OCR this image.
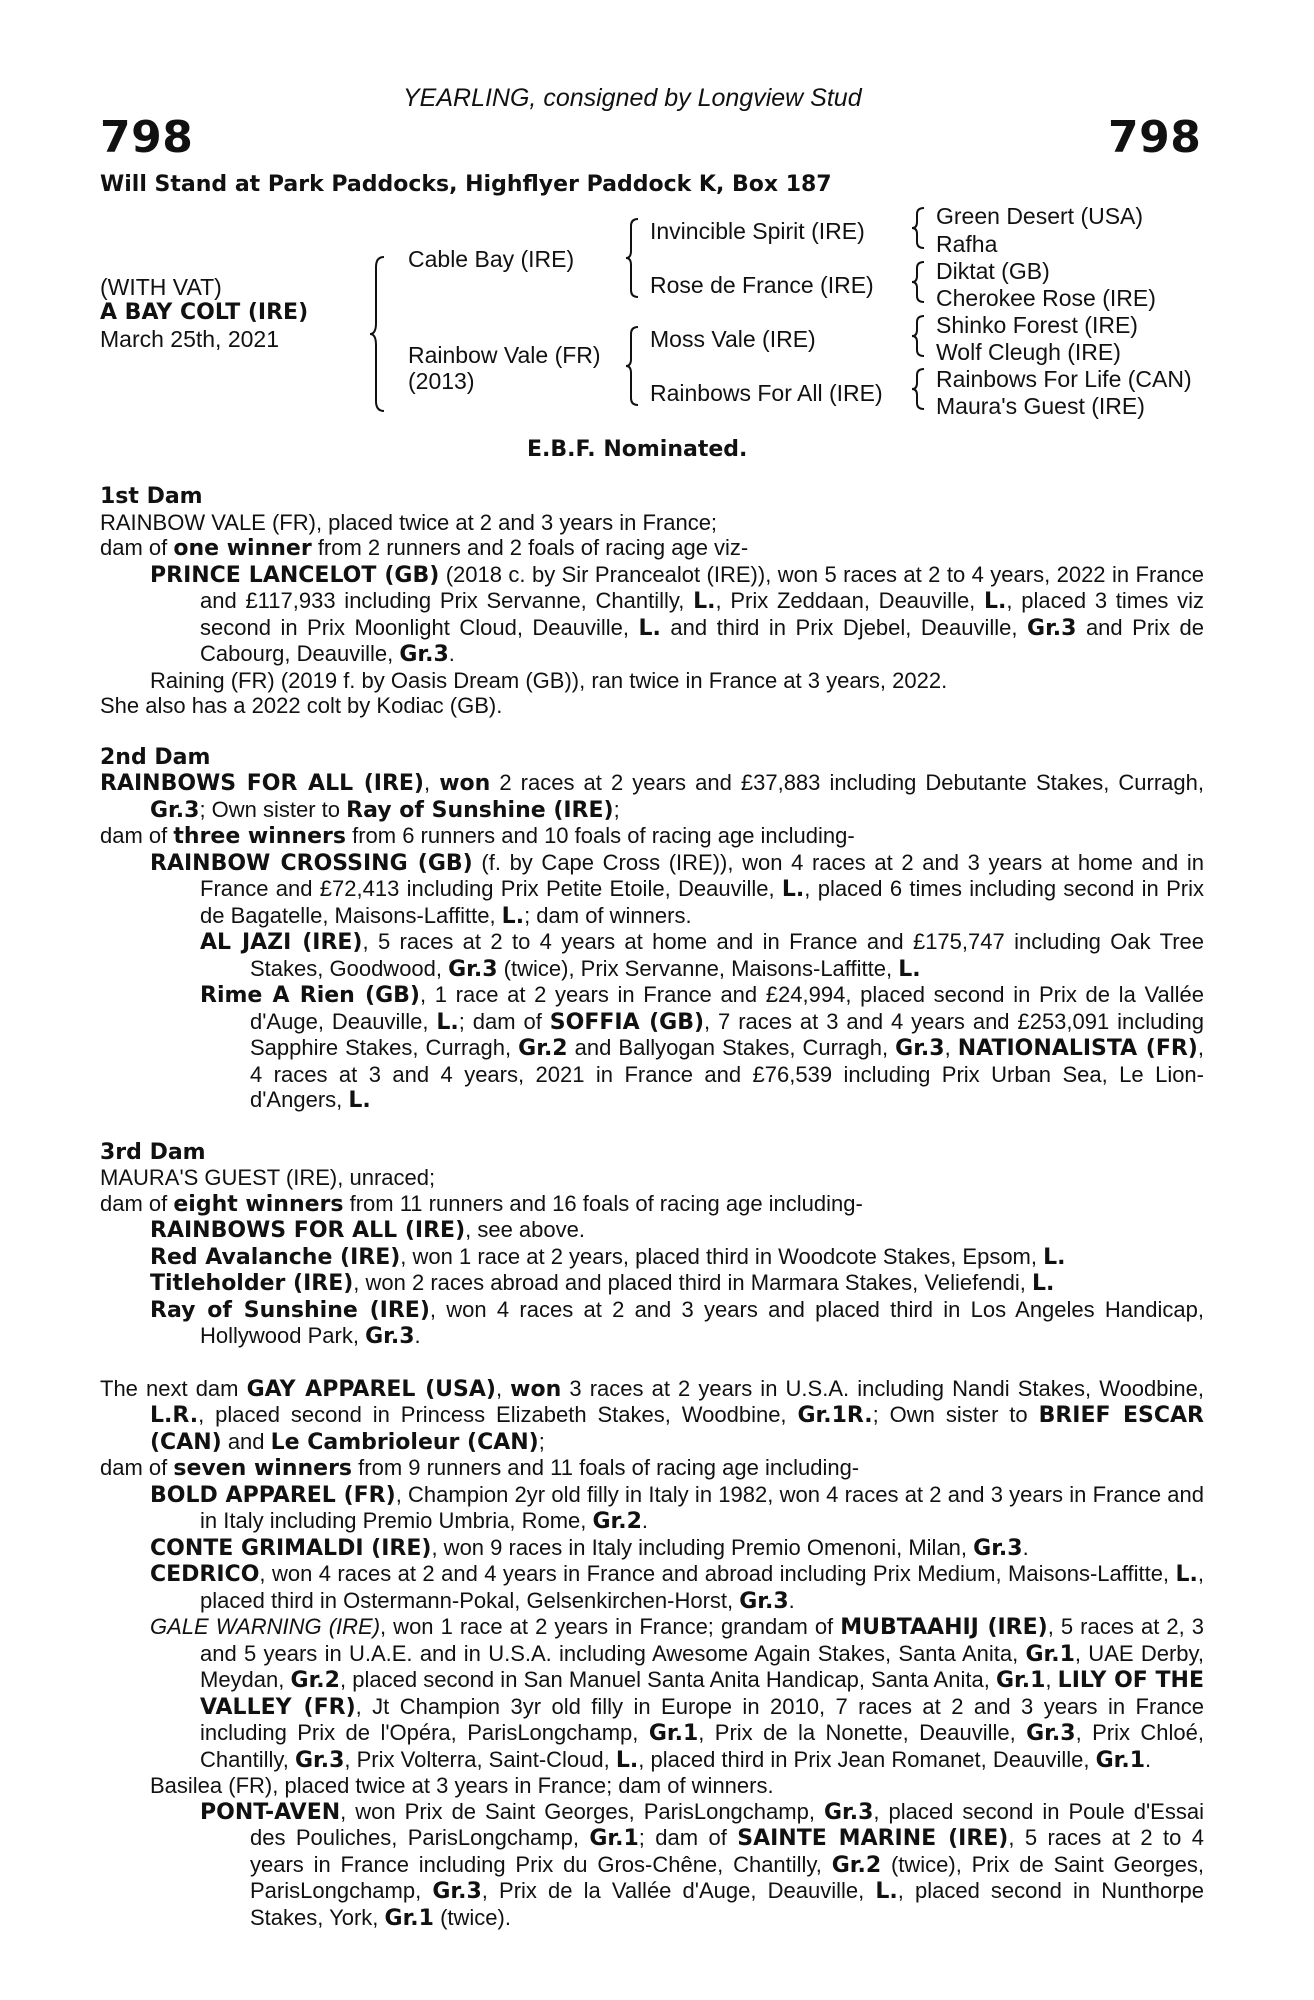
YEARLING, consigned by Longview Stud
798	798
Will Stand at Park Paddocks, Highflyer Paddock K, Box 187
(WITH VAT)
A BAY COLT (IRE)
March 25th, 2021
Cable Bay (IRE)
Rainbow Vale (FR)
(2013)
Invincible Spirit (IRE)
Rose de France (IRE)
Moss Vale (IRE)
Rainbows For All (IRE)
Green Desert (USA)
Rafha
Diktat (GB)
Cherokee Rose (IRE)
Shinko Forest (IRE)
Wolf Cleugh (IRE)
Rainbows For Life (CAN)
Maura's Guest (IRE)
E.B.F. Nominated.

1st Dam

RAINBOW VALE (FR), placed twice at 2 and 3 years in France;

dam of one winner from 2 runners and 2 foals of racing age viz-

PRINCE LANCELOT (GB) (2018 c. by Sir Prancealot (IRE)), won 5 races at 2 to 4 years, 2022 in France and £117,933 including Prix Servanne, Chantilly, L., Prix Zeddaan, Deauville, L., placed 3 times viz second in Prix Moonlight Cloud, Deauville, L. and third in Prix Djebel, Deauville, Gr.3 and Prix de Cabourg, Deauville, Gr.3.

Raining (FR) (2019 f. by Oasis Dream (GB)), ran twice in France at 3 years, 2022.

She also has a 2022 colt by Kodiac (GB).

2nd Dam

RAINBOWS FOR ALL (IRE), won 2 races at 2 years and £37,883 including Debutante Stakes, Curragh, Gr.3; Own sister to Ray of Sunshine (IRE);

dam of three winners from 6 runners and 10 foals of racing age including-

RAINBOW CROSSING (GB) (f. by Cape Cross (IRE)), won 4 races at 2 and 3 years at home and in France and £72,413 including Prix Petite Etoile, Deauville, L., placed 6 times including second in Prix de Bagatelle, Maisons-Laffitte, L.; dam of winners.

AL JAZI (IRE), 5 races at 2 to 4 years at home and in France and £175,747 including Oak Tree Stakes, Goodwood, Gr.3 (twice), Prix Servanne, Maisons-Laffitte, L.

Rime A Rien (GB), 1 race at 2 years in France and £24,994, placed second in Prix de la Vallée d'Auge, Deauville, L.; dam of SOFFIA (GB), 7 races at 3 and 4 years and £253,091 including Sapphire Stakes, Curragh, Gr.2 and Ballyogan Stakes, Curragh, Gr.3, NATIONALISTA (FR), 4 races at 3 and 4 years, 2021 in France and £76,539 including Prix Urban Sea, Le Lion-d'Angers, L.

3rd Dam

MAURA'S GUEST (IRE), unraced;

dam of eight winners from 11 runners and 16 foals of racing age including-

RAINBOWS FOR ALL (IRE), see above.

Red Avalanche (IRE), won 1 race at 2 years, placed third in Woodcote Stakes, Epsom, L.

Titleholder (IRE), won 2 races abroad and placed third in Marmara Stakes, Veliefendi, L.

Ray of Sunshine (IRE), won 4 races at 2 and 3 years and placed third in Los Angeles Handicap, Hollywood Park, Gr.3.

The next dam GAY APPAREL (USA), won 3 races at 2 years in U.S.A. including Nandi Stakes, Woodbine, L.R., placed second in Princess Elizabeth Stakes, Woodbine, Gr.1R.; Own sister to BRIEF ESCAR (CAN) and Le Cambrioleur (CAN);

dam of seven winners from 9 runners and 11 foals of racing age including-

BOLD APPAREL (FR), Champion 2yr old filly in Italy in 1982, won 4 races at 2 and 3 years in France and in Italy including Premio Umbria, Rome, Gr.2.

CONTE GRIMALDI (IRE), won 9 races in Italy including Premio Omenoni, Milan, Gr.3.

CEDRICO, won 4 races at 2 and 4 years in France and abroad including Prix Medium, Maisons-Laffitte, L., placed third in Ostermann-Pokal, Gelsenkirchen-Horst, Gr.3.

GALE WARNING (IRE), won 1 race at 2 years in France; grandam of MUBTAAHIJ (IRE), 5 races at 2, 3 and 5 years in U.A.E. and in U.S.A. including Awesome Again Stakes, Santa Anita, Gr.1, UAE Derby, Meydan, Gr.2, placed second in San Manuel Santa Anita Handicap, Santa Anita, Gr.1, LILY OF THE VALLEY (FR), Jt Champion 3yr old filly in Europe in 2010, 7 races at 2 and 3 years in France including Prix de l'Opéra, ParisLongchamp, Gr.1, Prix de la Nonette, Deauville, Gr.3, Prix Chloé, Chantilly, Gr.3, Prix Volterra, Saint-Cloud, L., placed third in Prix Jean Romanet, Deauville, Gr.1.

Basilea (FR), placed twice at 3 years in France; dam of winners.

PONT-AVEN, won Prix de Saint Georges, ParisLongchamp, Gr.3, placed second in Poule d'Essai des Pouliches, ParisLongchamp, Gr.1; dam of SAINTE MARINE (IRE), 5 races at 2 to 4 years in France including Prix du Gros-Chêne, Chantilly, Gr.2 (twice), Prix de Saint Georges, ParisLongchamp, Gr.3, Prix de la Vallée d'Auge, Deauville, L., placed second in Nunthorpe Stakes, York, Gr.1 (twice).
